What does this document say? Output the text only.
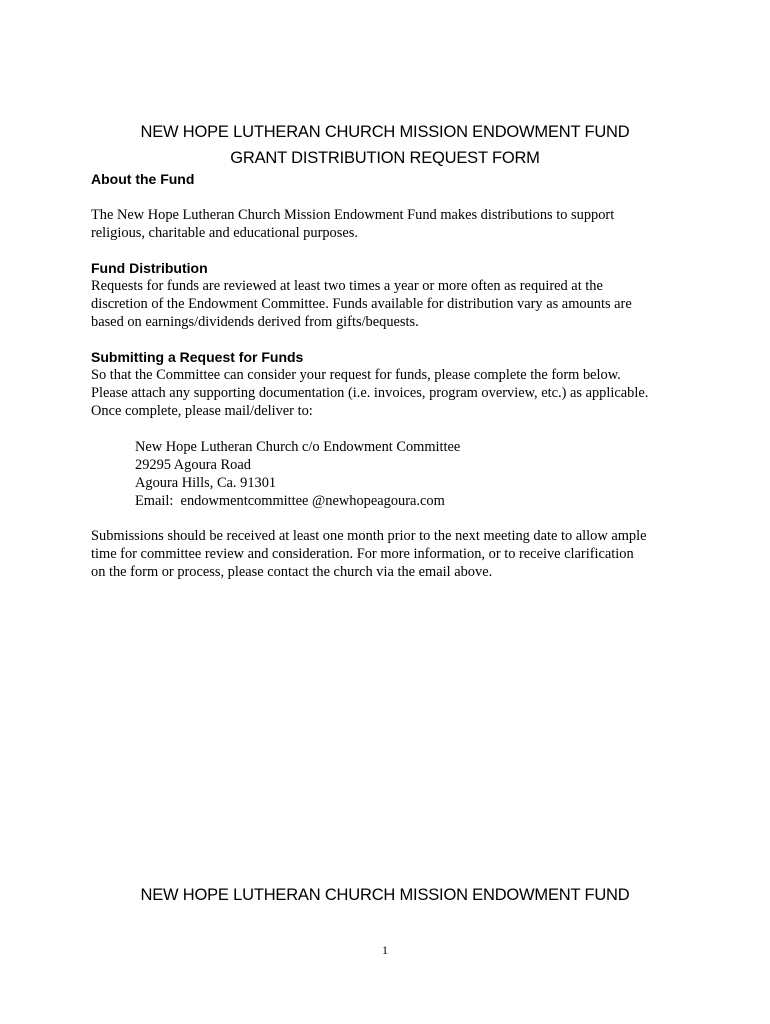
NEW HOPE LUTHERAN CHURCH MISSION ENDOWMENT FUND
GRANT DISTRIBUTION REQUEST FORM
About the Fund
The New Hope Lutheran Church Mission Endowment Fund makes distributions to support
religious, charitable and educational purposes.
Fund Distribution
Requests for funds are reviewed at least two times a year or more often as required at the
discretion of the Endowment Committee. Funds available for distribution vary as amounts are
based on earnings/dividends derived from gifts/bequests.
Submitting a Request for Funds
So that the Committee can consider your request for funds, please complete the form below.
Please attach any supporting documentation (i.e. invoices, program overview, etc.) as applicable.
Once complete, please mail/deliver to:
New Hope Lutheran Church c/o Endowment Committee
29295 Agoura Road
Agoura Hills, Ca. 91301
Email:  endowmentcommittee @newhopeagoura.com
Submissions should be received at least one month prior to the next meeting date to allow ample
time for committee review and consideration. For more information, or to receive clarification
on the form or process, please contact the church via the email above.
NEW HOPE LUTHERAN CHURCH MISSION ENDOWMENT FUND
1
